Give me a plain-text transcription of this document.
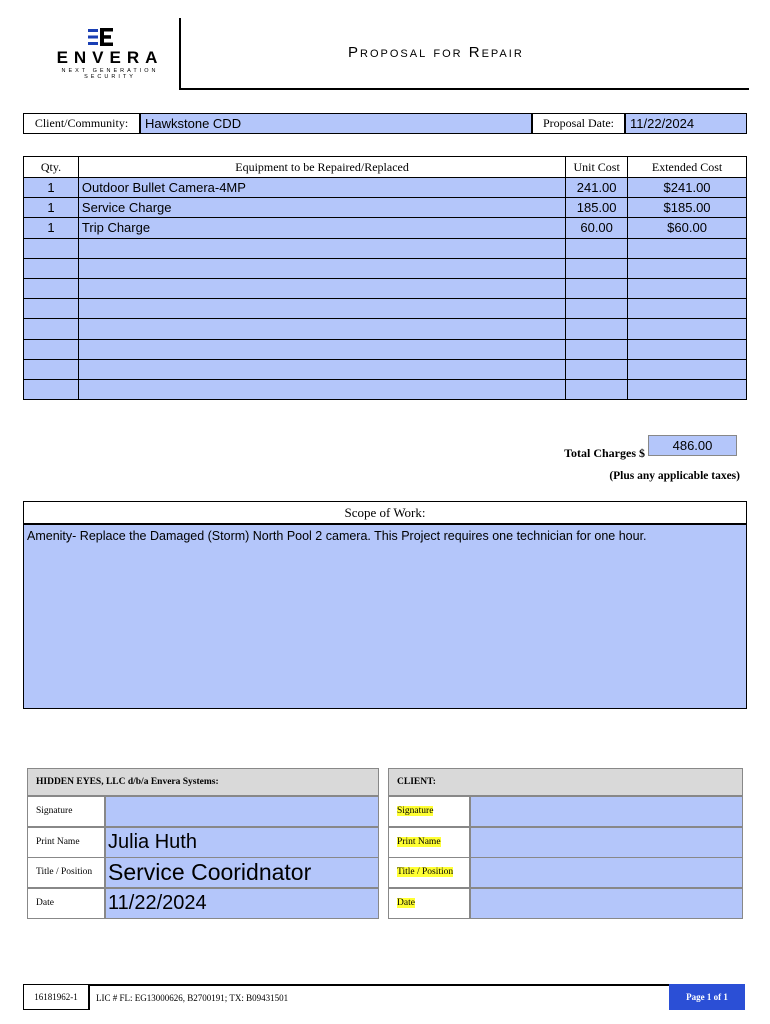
ENVERA
NEXT GENERATION SECURITY
Proposal for Repair
Client/Community:	Hawkstone CDD	Proposal Date:	11/22/2024
Qty.	Equipment to be Repaired/Replaced	Unit Cost	Extended Cost
1	Outdoor Bullet Camera-4MP	241.00	$241.00
1	Service Charge	185.00	$185.00
1	Trip Charge	60.00	$60.00

Total Charges $	486.00
(Plus any applicable taxes)
Scope of Work:
Amenity- Replace the Damaged (Storm) North Pool 2 camera. This Project requires one technician for one hour.
HIDDEN EYES, LLC d/b/a Envera Systems:	CLIENT:
Signature
Print Name	Julia Huth
Title / Position Service Cooridnator
Date	11/22/2024
Signature
Print Name
Title / Position
Date
16181962-1	LIC # FL: EG13000626, B2700191; TX: B09431501	Page 1 of 1
